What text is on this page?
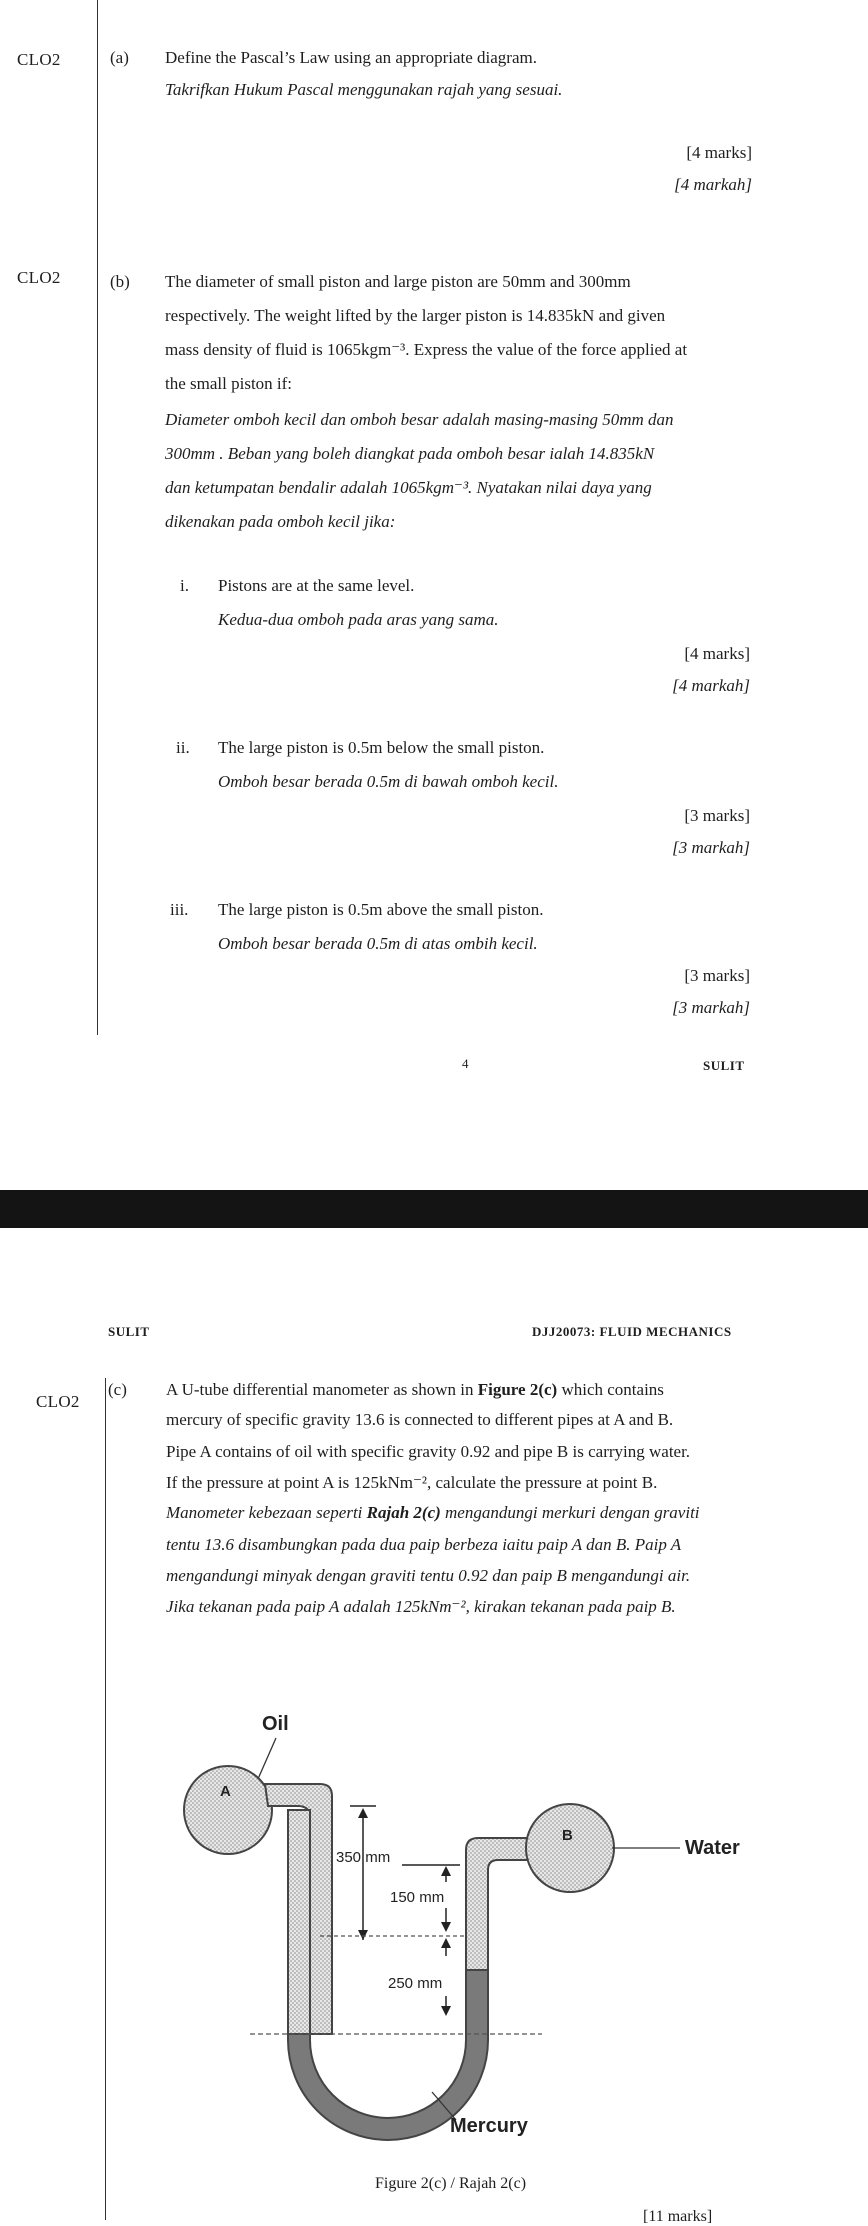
CLO2	(a) Define the Pascal’s Law using an appropriate diagram.
Takrifkan Hukum Pascal menggunakan rajah yang sesuai.
[4 marks]
[4 markah]
CLO2	(b) The diameter of small piston and large piston are 50mm and 300mm
respectively. The weight lifted by the larger piston is 14.835kN and given
mass density of fluid is 1065kgm⁻³. Express the value of the force applied at
the small piston if:
Diameter omboh kecil dan omboh besar adalah masing-masing 50mm dan
300mm . Beban yang boleh diangkat pada omboh besar ialah 14.835kN
dan ketumpatan bendalir adalah 1065kgm⁻³. Nyatakan nilai daya yang
dikenakan pada omboh kecil jika:
i. Pistons are at the same level.
Kedua-dua omboh pada aras yang sama.
[4 marks]
[4 markah]
ii. The large piston is 0.5m below the small piston.
Omboh besar berada 0.5m di bawah omboh kecil.
[3 marks]
[3 markah]
iii. The large piston is 0.5m above the small piston.
Omboh besar berada 0.5m di atas ombih kecil.
[3 marks]
[3 markah]
4	SULIT
SULIT	DJJ20073: FLUID MECHANICS
CLO2
(c) A U-tube differential manometer as shown in Figure 2(c) which contains
mercury of specific gravity 13.6 is connected to different pipes at A and B.
Pipe A contains of oil with specific gravity 0.92 and pipe B is carrying water.
If the pressure at point A is 125kNm⁻², calculate the pressure at point B.
Manometer kebezaan seperti Rajah 2(c) mengandungi merkuri dengan graviti
tentu 13.6 disambungkan pada dua paip berbeza iaitu paip A dan B. Paip A
mengandungi minyak dengan graviti tentu 0.92 dan paip B mengandungi air.
Jika tekanan pada paip A adalah 125kNm⁻², kirakan tekanan pada paip B.
Oil
A
B
Water
350 mm
150 mm
250 mm
Mercury
Figure 2(c) / Rajah 2(c)
[11 marks]
